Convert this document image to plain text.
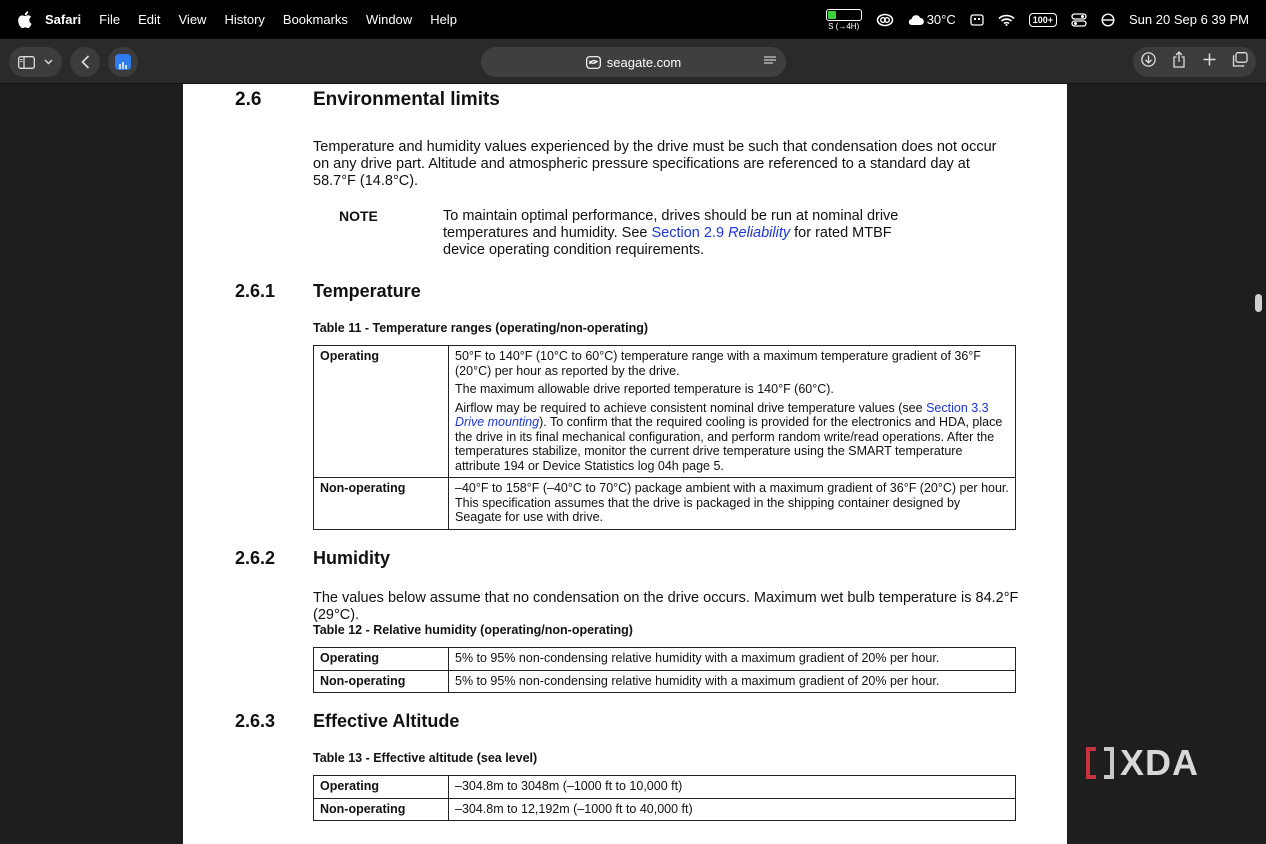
Safari File Edit View History Bookmarks Window Help	S (→4H)	30°C	100+	Sun 20 Sep 6 39 PM
seagate.com
2.6	Environmental limits
Temperature and humidity values experienced by the drive must be such that condensation does not occur on any drive part. Altitude and atmospheric pressure specifications are referenced to a standard day at 58.7°F (14.8°C).
NOTE	To maintain optimal performance, drives should be run at nominal drive temperatures and humidity. See Section 2.9 Reliability for rated MTBF device operating condition requirements.
2.6.1 Temperature
Table 11 - Temperature ranges (operating/non-operating)
Operating	50°F to 140°F (10°C to 60°C) temperature range with a maximum temperature gradient of 36°F (20°C) per hour as reported by the drive.

The maximum allowable drive reported temperature is 140°F (60°C).

Airflow may be required to achieve consistent nominal drive temperature values (see Section 3.3 Drive mounting). To confirm that the required cooling is provided for the electronics and HDA, place the drive in its final mechanical configuration, and perform random write/read operations. After the temperatures stabilize, monitor the current drive temperature using the SMART temperature attribute 194 or Device Statistics log 04h page 5.

Non-operating	–40°F to 158°F (–40°C to 70°C) package ambient with a maximum gradient of 36°F (20°C) per hour. This specification assumes that the drive is packaged in the shipping container designed by Seagate for use with drive.
2.6.2 Humidity
The values below assume that no condensation on the drive occurs. Maximum wet bulb temperature is 84.2°F (29°C).
Table 12 - Relative humidity (operating/non-operating)
Operating	5% to 95% non-condensing relative humidity with a maximum gradient of 20% per hour.
Non-operating	5% to 95% non-condensing relative humidity with a maximum gradient of 20% per hour.
2.6.3 Effective Altitude
Table 13 - Effective altitude (sea level)
Operating	–304.8m to 3048m (–1000 ft to 10,000 ft)
Non-operating	–304.8m to 12,192m (–1000 ft to 40,000 ft)
XDA
